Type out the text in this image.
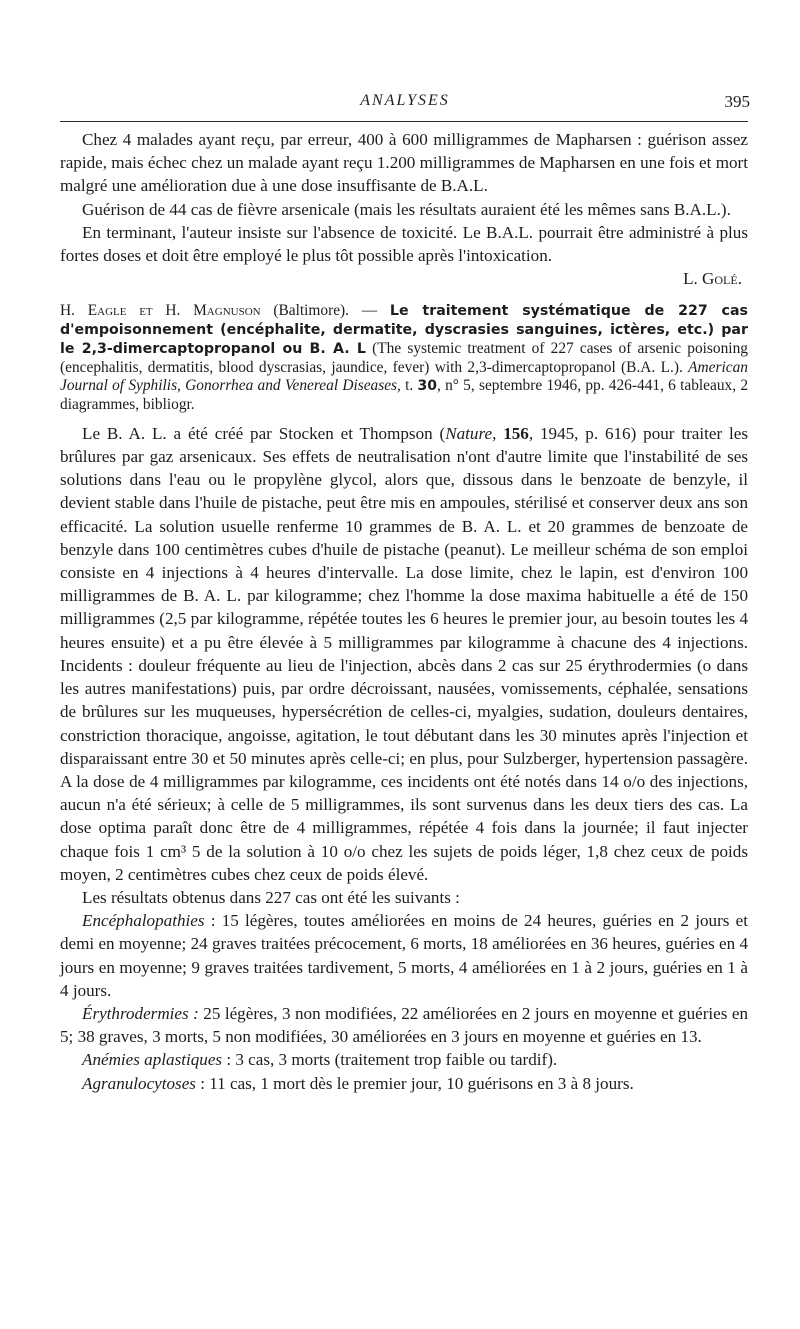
ANALYSES	395

Chez 4 malades ayant reçu, par erreur, 400 à 600 milligrammes de Mapharsen : guérison assez rapide, mais échec chez un malade ayant reçu 1.200 milligrammes de Mapharsen en une fois et mort malgré une amélioration due à une dose insuffisante de B.A.L.

Guérison de 44 cas de fièvre arsenicale (mais les résultats auraient été les mêmes sans B.A.L.).

En terminant, l'auteur insiste sur l'absence de toxicité. Le B.A.L. pourrait être administré à plus fortes doses et doit être employé le plus tôt possible après l'intoxication.

L. Golé.

H. Eagle et H. Magnuson (Baltimore). — Le traitement systématique de 227 cas d'empoisonnement (encéphalite, dermatite, dyscrasies sanguines, ictères, etc.) par le 2,3-dimercaptopropanol ou B. A. L (The systemic treatment of 227 cases of arsenic poisoning (encephalitis, dermatitis, blood dyscrasias, jaundice, fever) with 2,3-dimercaptopropanol (B.A. L.). American Journal of Syphilis, Gonorrhea and Venereal Diseases, t. 30, n° 5, septembre 1946, pp. 426-441, 6 tableaux, 2 diagrammes, bibliogr.

Le B. A. L. a été créé par Stocken et Thompson (Nature, 156, 1945, p. 616) pour traiter les brûlures par gaz arsenicaux. Ses effets de neutralisation n'ont d'autre limite que l'instabilité de ses solutions dans l'eau ou le propylène glycol, alors que, dissous dans le benzoate de benzyle, il devient stable dans l'huile de pistache, peut être mis en ampoules, stérilisé et conserver deux ans son efficacité. La solution usuelle renferme 10 grammes de B. A. L. et 20 grammes de benzoate de benzyle dans 100 centimètres cubes d'huile de pistache (peanut). Le meilleur schéma de son emploi consiste en 4 injections à 4 heures d'intervalle. La dose limite, chez le lapin, est d'environ 100 milligrammes de B. A. L. par kilogramme; chez l'homme la dose maxima habituelle a été de 150 milligrammes (2,5 par kilogramme, répétée toutes les 6 heures le premier jour, au besoin toutes les 4 heures ensuite) et a pu être élevée à 5 milligrammes par kilogramme à chacune des 4 injections. Incidents : douleur fréquente au lieu de l'injection, abcès dans 2 cas sur 25 érythrodermies (o dans les autres manifestations) puis, par ordre décroissant, nausées, vomissements, céphalée, sensations de brûlures sur les muqueuses, hypersécrétion de celles-ci, myalgies, sudation, douleurs dentaires, constriction thoracique, angoisse, agitation, le tout débutant dans les 30 minutes après l'injection et disparaissant entre 30 et 50 minutes après celle-ci; en plus, pour Sulzberger, hypertension passagère. A la dose de 4 milligrammes par kilogramme, ces incidents ont été notés dans 14 o/o des injections, aucun n'a été sérieux; à celle de 5 milligrammes, ils sont survenus dans les deux tiers des cas. La dose optima paraît donc être de 4 milligrammes, répétée 4 fois dans la journée; il faut injecter chaque fois 1 cm³ 5 de la solution à 10 o/o chez les sujets de poids léger, 1,8 chez ceux de poids moyen, 2 centimètres cubes chez ceux de poids élevé.

Les résultats obtenus dans 227 cas ont été les suivants :

Encéphalopathies : 15 légères, toutes améliorées en moins de 24 heures, guéries en 2 jours et demi en moyenne; 24 graves traitées précocement, 6 morts, 18 améliorées en 36 heures, guéries en 4 jours en moyenne; 9 graves traitées tardivement, 5 morts, 4 améliorées en 1 à 2 jours, guéries en 1 à 4 jours.

Érythrodermies : 25 légères, 3 non modifiées, 22 améliorées en 2 jours en moyenne et guéries en 5; 38 graves, 3 morts, 5 non modifiées, 30 améliorées en 3 jours en moyenne et guéries en 13.

Anémies aplastiques : 3 cas, 3 morts (traitement trop faible ou tardif).

Agranulocytoses : 11 cas, 1 mort dès le premier jour, 10 guérisons en 3 à 8 jours.
